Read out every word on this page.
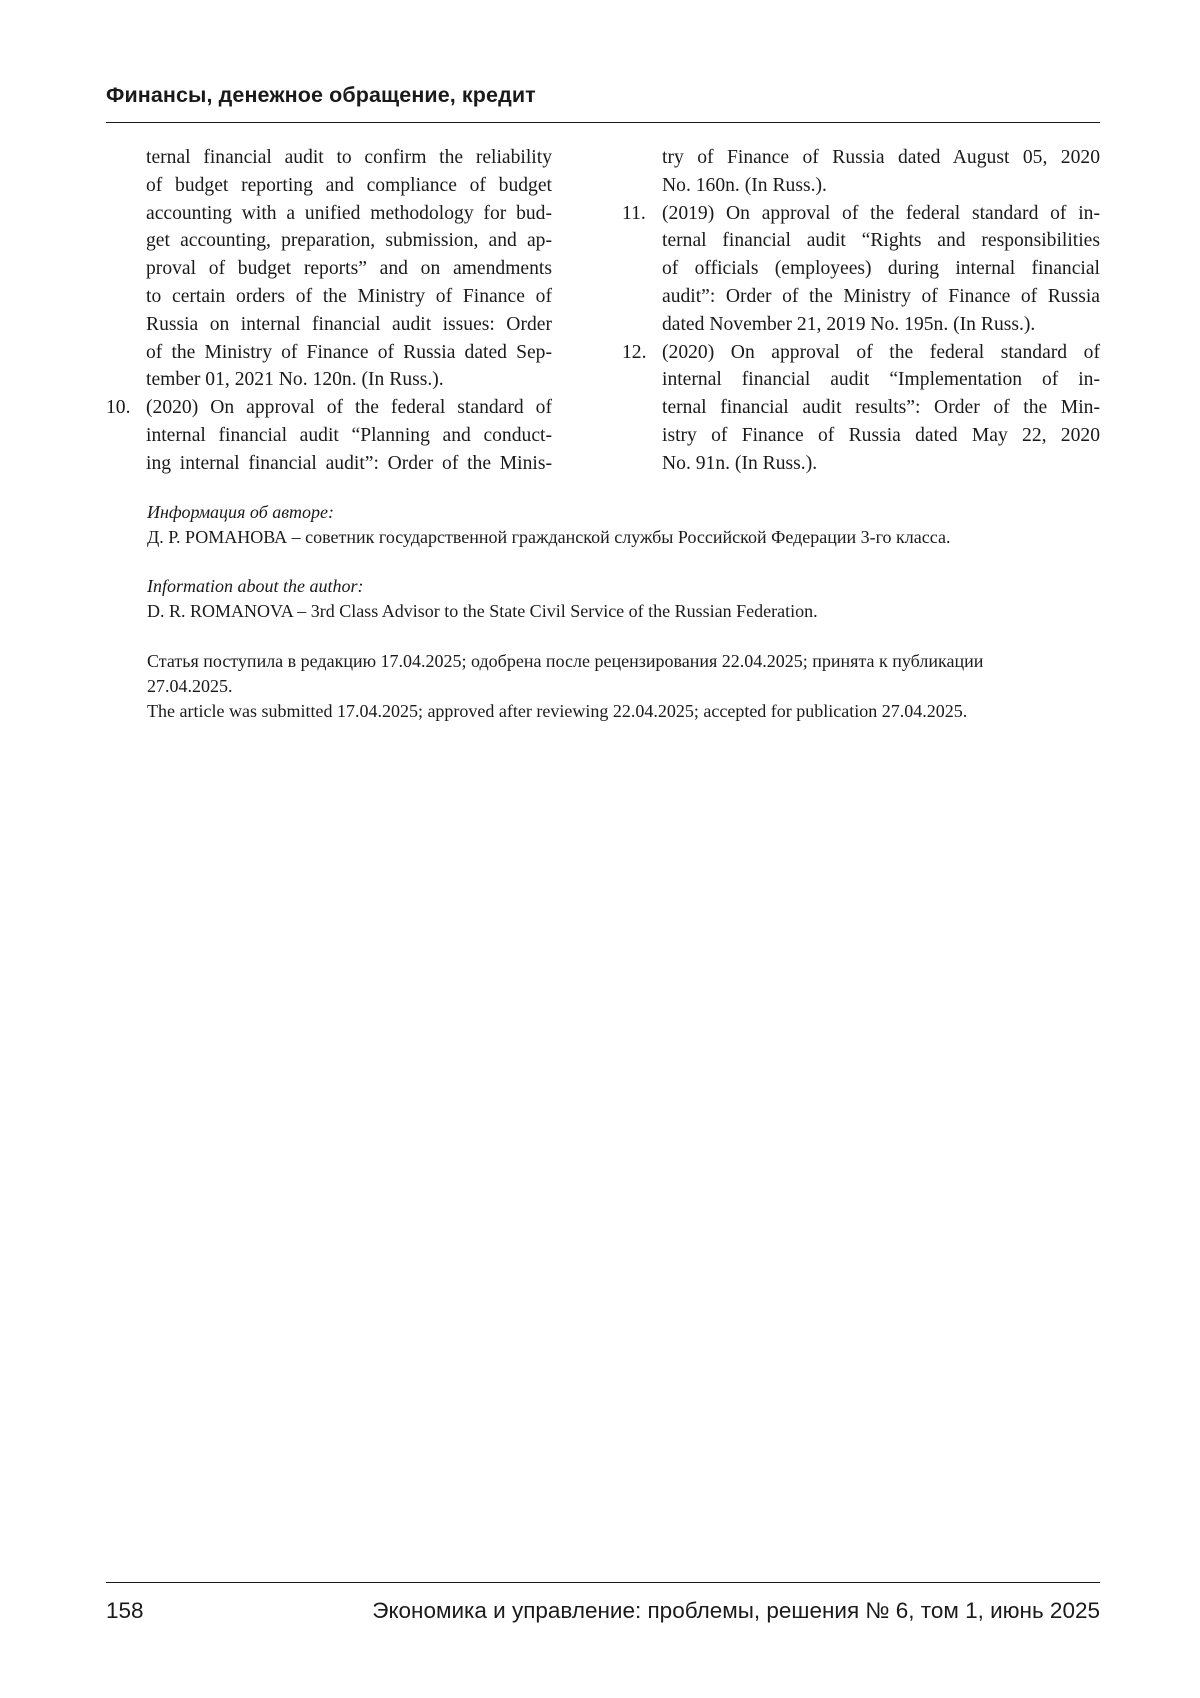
Финансы, денежное обращение, кредит
ternal financial audit to confirm the reliability
of budget reporting and compliance of budget
accounting with a unified methodology for bud-
get accounting, preparation, submission, and ap-
proval of budget reports” and on amendments
to certain orders of the Ministry of Finance of
Russia on internal financial audit issues: Order
of the Ministry of Finance of Russia dated Sep-
tember 01, 2021 No. 120n. (In Russ.).
10. (2020) On approval of the federal standard of
internal financial audit “Planning and conduct-
ing internal financial audit”: Order of the Minis-
try of Finance of Russia dated August 05, 2020
No. 160n. (In Russ.).
11. (2019) On approval of the federal standard of in-
ternal financial audit “Rights and responsibilities
of officials (employees) during internal financial
audit”: Order of the Ministry of Finance of Russia
dated November 21, 2019 No. 195n. (In Russ.).
12. (2020) On approval of the federal standard of
internal financial audit “Implementation of in-
ternal financial audit results”: Order of the Min-
istry of Finance of Russia dated May 22, 2020
No. 91n. (In Russ.).
Информация об авторе:
Д. Р. РОМАНОВА – советник государственной гражданской службы Российской Федерации 3-го класса.
Information about the author:
D. R. ROMANOVA – 3rd Class Advisor to the State Civil Service of the Russian Federation.
Статья поступила в редакцию 17.04.2025; одобрена после рецензирования 22.04.2025; принята к публикации
27.04.2025.
The article was submitted 17.04.2025; approved after reviewing 22.04.2025; accepted for publication 27.04.2025.
158	Экономика и управление: проблемы, решения № 6, том 1, июнь 2025
